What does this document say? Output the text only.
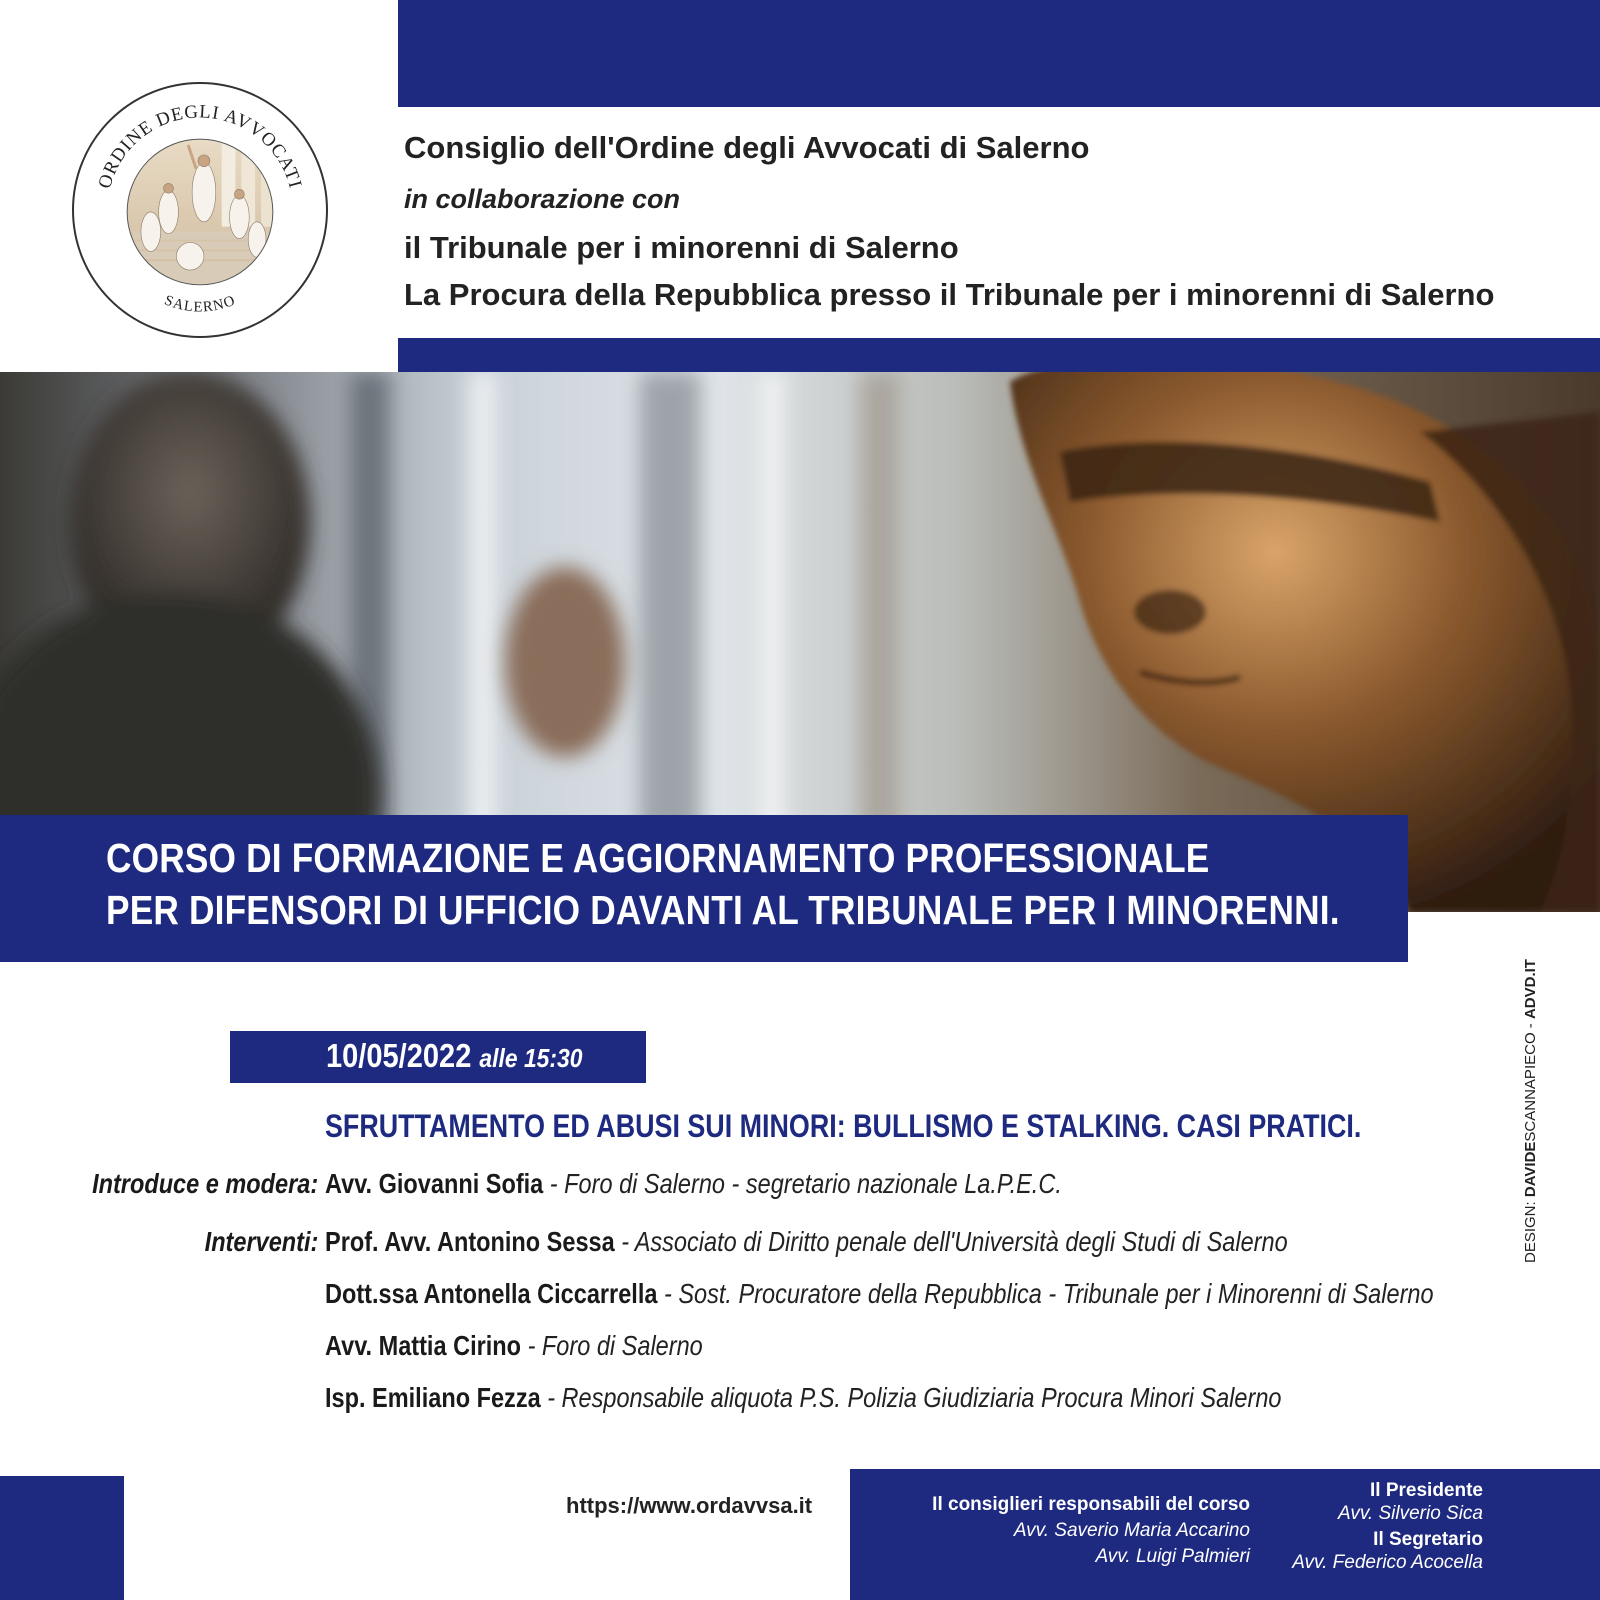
ORDINE DEGLI AVVOCATI
SALERNO
Consiglio dell'Ordine degli Avvocati di Salerno
in collaborazione con
il Tribunale per i minorenni di Salerno
La Procura della Repubblica presso il Tribunale per i minorenni di Salerno
CORSO DI FORMAZIONE E AGGIORNAMENTO PROFESSIONALE
PER DIFENSORI DI UFFICIO DAVANTI AL TRIBUNALE PER I MINORENNI.
10/05/2022 alle 15:30
SFRUTTAMENTO ED ABUSI SUI MINORI: BULLISMO E STALKING. CASI PRATICI.
Introduce e modera: Avv. Giovanni Sofia - Foro di Salerno - segretario nazionale La.P.E.C.
Interventi: Prof. Avv. Antonino Sessa - Associato di Diritto penale dell'Università degli Studi di Salerno
Dott.ssa Antonella Ciccarrella - Sost. Procuratore della Repubblica - Tribunale per i Minorenni di Salerno
Avv. Mattia Cirino - Foro di Salerno
Isp. Emiliano Fezza - Responsabile aliquota P.S. Polizia Giudiziaria Procura Minori Salerno
DESIGN: DAVIDESCANNAPIECO - ADVD.IT
https://www.ordavvsa.it	Il consiglieri responsabili del corso
Avv. Saverio Maria Accarino
Avv. Luigi Palmieri
Il Presidente
Avv. Silverio Sica
Il Segretario
Avv. Federico Acocella
